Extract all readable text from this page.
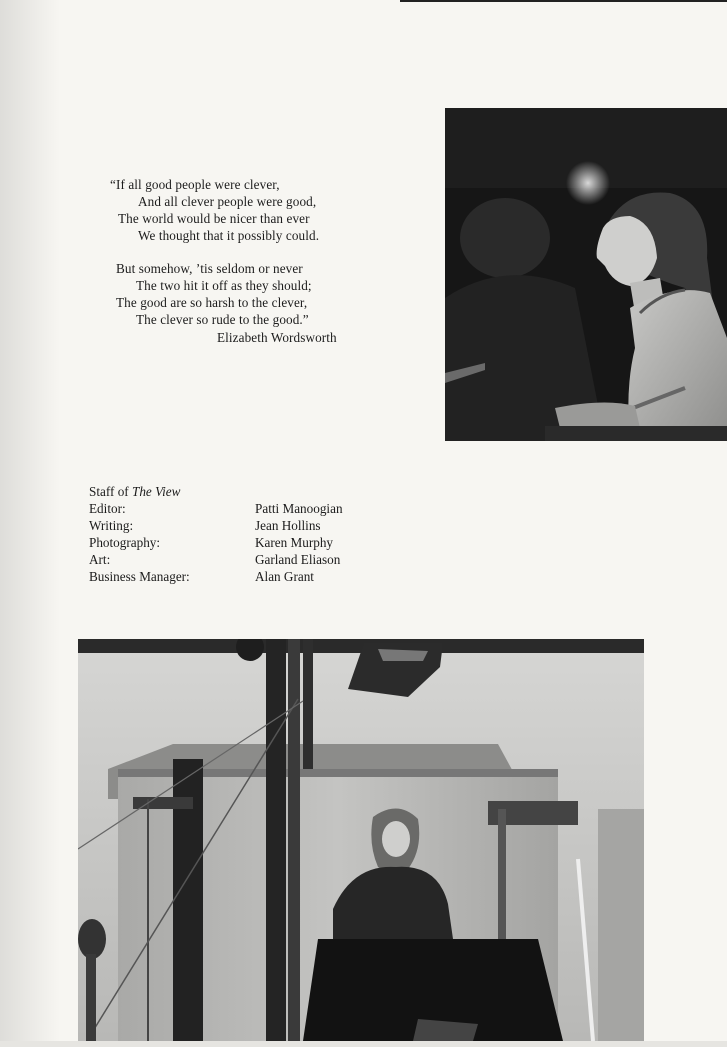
“If all good people were clever,
And all clever people were good,
The world would be nicer than ever
We thought that it possibly could.
But somehow, ’tis seldom or never
The two hit it off as they should;
The good are so harsh to the clever,
The clever so rude to the good.”
Elizabeth Wordsworth
Staff of The View
Editor:	Patti Manoogian
Writing:	Jean Hollins
Photography:	Karen Murphy
Art:	Garland Eliason
Business Manager:	Alan Grant
